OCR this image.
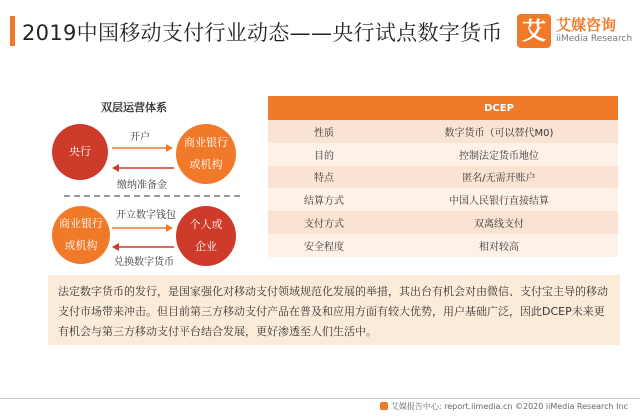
2019中国移动支付行业动态——央行试点数字货币 艾 艾媒咨询
iiMedia Research
双层运营体系
央行
商业银行
或机构
开户
缴纳准备金
商业银行
或机构
个人或
企业
开立数字钱包
兑换数字货币
	DCEP
性质	数字货币（可以替代M0)
目的	控制法定货币地位
特点	匿名/无需开账户
结算方式	中国人民银行直接结算
支付方式	双离线支付
安全程度	相对较高
法定数字货币的发行，是国家强化对移动支付领域规范化发展的举措，其出台有机会对由微信、支付宝主导的移动支付市场带来冲击。但目前第三方移动支付产品在普及和应用方面有较大优势，用户基础广泛，因此DCEP未来更有机会与第三方移动支付平台结合发展，更好渗透至人们生活中。
艾媒报告中心: report.iimedia.cn ©2020 iiMedia Research Inc
